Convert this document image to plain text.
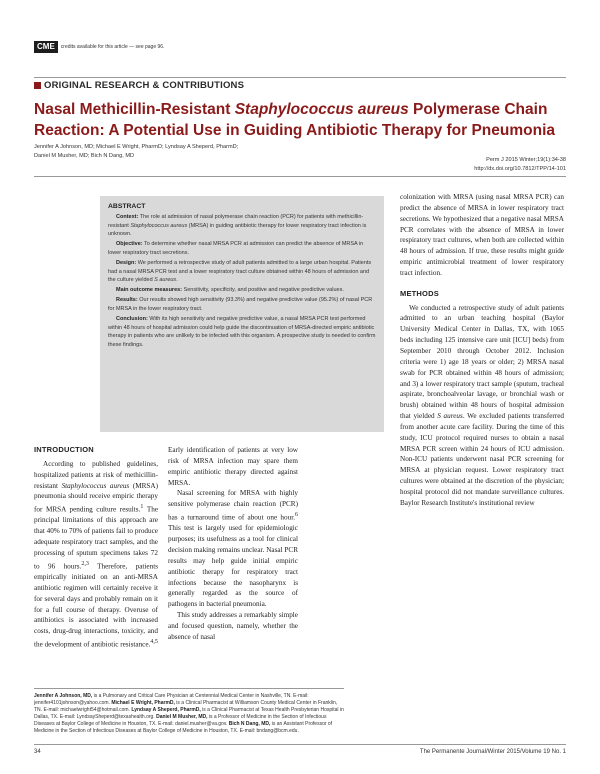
CME	credits available for this article — see page 96.
ORIGINAL RESEARCH & CONTRIBUTIONS
Nasal Methicillin-Resistant Staphylococcus aureus Polymerase Chain
Reaction: A Potential Use in Guiding Antibiotic Therapy for Pneumonia
Jennifer A Johnson, MD; Michael E Wright, PharmD; Lyndsay A Sheperd, PharmD;
Daniel M Musher, MD; Bich N Dang, MD
Perm J 2015 Winter;19(1):34-38
http://dx.doi.org/10.7812/TPP/14-101
ABSTRACT

Context: The role at admission of nasal polymerase chain reaction (PCR) for patients with methicillin-resistant Staphylococcus aureus (MRSA) in guiding antibiotic therapy for lower respiratory tract infection is unknown.

Objective: To determine whether nasal MRSA PCR at admission can predict the absence of MRSA in lower respiratory tract secretions.

Design: We performed a retrospective study of adult patients admitted to a large urban hospital. Patients had a nasal MRSA PCR test and a lower respiratory tract culture obtained within 48 hours of admission and the culture yielded S aureus.

Main outcome measures: Sensitivity, specificity, and positive and negative predictive values.

Results: Our results showed high sensitivity (93.3%) and negative predictive value (95.2%) of nasal PCR for MRSA in the lower respiratory tract.

Conclusion: With its high sensitivity and negative predictive value, a nasal MRSA PCR test performed within 48 hours of hospital admission could help guide the discontinuation of MRSA-directed empiric antibiotic therapy in patients who are unlikely to be infected with this organism. A prospective study is needed to confirm these findings.

INTRODUCTION

According to published guidelines, hospitalized patients at risk of methicillin-resistant Staphylococcus aureus (MRSA) pneumonia should receive empiric therapy for MRSA pending culture results.$^1$ The principal limitations of this approach are that 40% to 70% of patients fail to produce adequate respiratory tract samples, and the processing of sputum specimens takes 72 to 96 hours.$^{2,3}$ Therefore, patients empirically initiated on an anti-MRSA antibiotic regimen will certainly receive it for several days and probably remain on it for a full course of therapy. Overuse of antibiotics is associated with increased costs, drug-drug interactions, toxicity, and the development of antibiotic resistance.$^{4,5}$

Early identification of patients at very low risk of MRSA infection may spare them empiric antibiotic therapy directed against MRSA.

Nasal screening for MRSA with highly sensitive polymerase chain reaction (PCR) has a turnaround time of about one hour.$^6$ This test is largely used for epidemiologic purposes; its usefulness as a tool for clinical decision making remains unclear. Nasal PCR results may help guide initial empiric antibiotic therapy for respiratory tract infections because the nasopharynx is generally regarded as the source of pathogens in bacterial pneumonia.

This study addresses a remarkably simple and focused question, namely, whether the absence of nasal

colonization with MRSA (using nasal MRSA PCR) can predict the absence of MRSA in lower respiratory tract secretions. We hypothesized that a negative nasal MRSA PCR correlates with the absence of MRSA in lower respiratory tract cultures, when both are collected within 48 hours of admission. If true, these results might guide empiric antimicrobial treatment of lower respiratory tract infection.

METHODS

We conducted a retrospective study of adult patients admitted to an urban teaching hospital (Baylor University Medical Center in Dallas, TX, with 1065 beds including 125 intensive care unit [ICU] beds) from September 2010 through October 2012. Inclusion criteria were 1) age 18 years or older; 2) MRSA nasal swab for PCR obtained within 48 hours of admission; and 3) a lower respiratory tract sample (sputum, tracheal aspirate, bronchoalveolar lavage, or bronchial wash or brush) obtained within 48 hours of hospital admission that yielded S aureus. We excluded patients transferred from another acute care facility. During the time of this study, ICU protocol required nurses to obtain a nasal MRSA PCR screen within 24 hours of ICU admission. Non-ICU patients underwent nasal PCR screening for MRSA at physician request. Lower respiratory tract cultures were obtained at the discretion of the physician; hospital protocol did not mandate surveillance cultures. Baylor Research Institute's institutional review

Jennifer A Johnson, MD, is a Pulmonary and Critical Care Physician at Centennial Medical Center in Nashville, TN. E-mail: jennifer4101johnson@yahoo.com. Michael E Wright, PharmD, is a Clinical Pharmacist at Williamson County Medical Center in Franklin, TN. E-mail: michaelwright54@hotmail.com. Lyndsay A Sheperd, PharmD, is a Clinical Pharmacist at Texas Health Presbyterian Hospital in Dallas, TX. E-mail: LyndsaySheperd@texashealth.org. Daniel M Musher, MD, is a Professor of Medicine in the Section of Infectious Diseases at Baylor College of Medicine in Houston, TX. E-mail: daniel.musher@va.gov. Bich N Dang, MD, is an Assistant Professor of Medicine in the Section of Infectious Diseases at Baylor College of Medicine in Houston, TX. E-mail: bndang@bcm.edu.
34	The Permanente Journal/Winter 2015/Volume 19 No. 1
